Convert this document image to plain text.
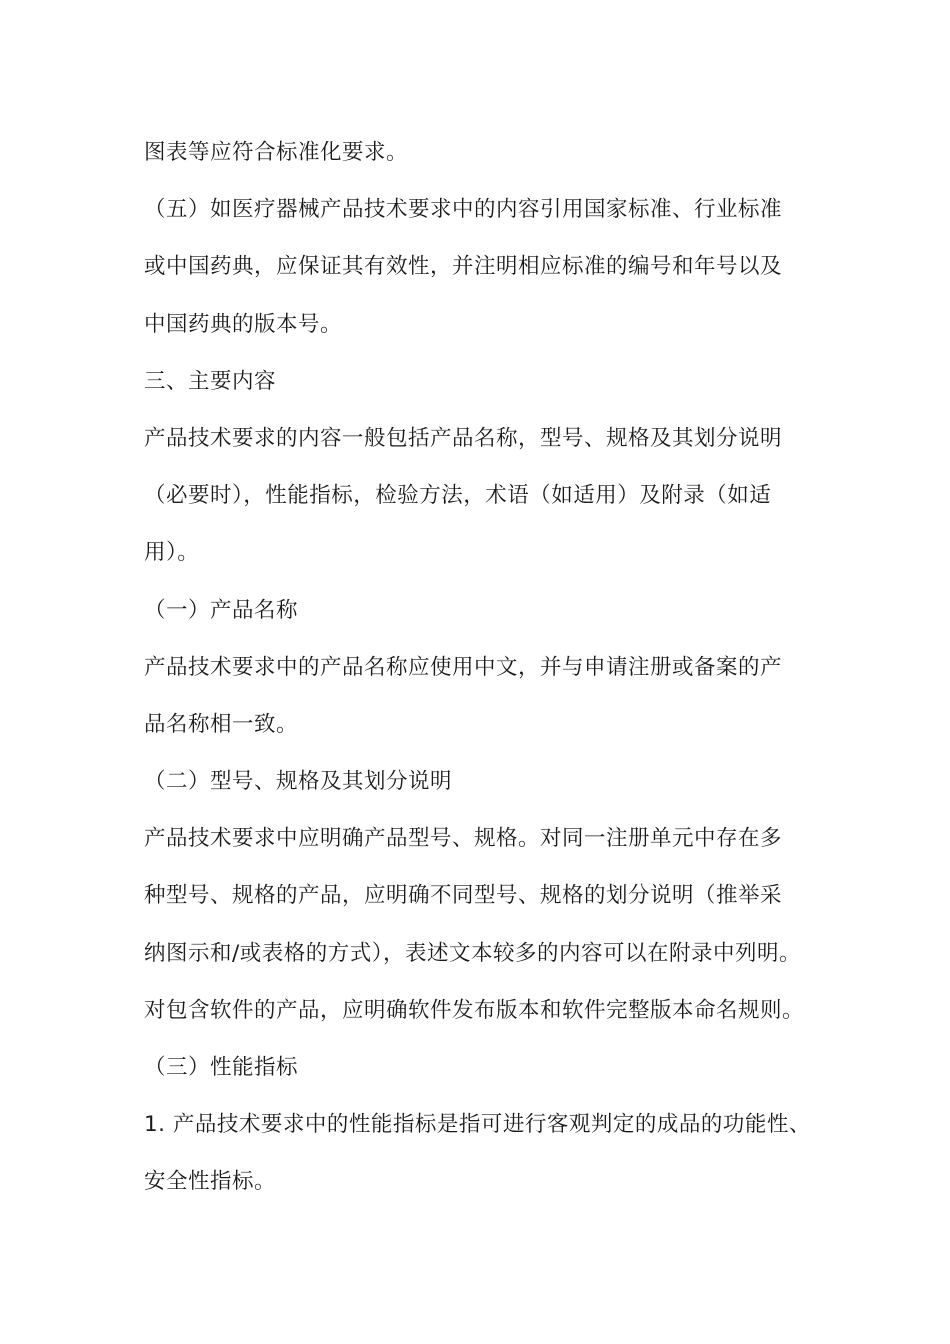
图表等应符合标准化要求。
（五）如医疗器械产品技术要求中的内容引用国家标准、行业标准
或中国药典，应保证其有效性，并注明相应标准的编号和年号以及
中国药典的版本号。
三、主要内容
产品技术要求的内容一般包括产品名称，型号、规格及其划分说明
（必要时），性能指标，检验方法，术语（如适用）及附录（如适
用）。
（一）产品名称
产品技术要求中的产品名称应使用中文，并与申请注册或备案的产
品名称相一致。
（二）型号、规格及其划分说明
产品技术要求中应明确产品型号、规格。对同一注册单元中存在多
种型号、规格的产品，应明确不同型号、规格的划分说明（推举采
纳图示和/或表格的方式），表述文本较多的内容可以在附录中列明。
对包含软件的产品，应明确软件发布版本和软件完整版本命名规则。
（三）性能指标
1. 产品技术要求中的性能指标是指可进行客观判定的成品的功能性、
安全性指标。
